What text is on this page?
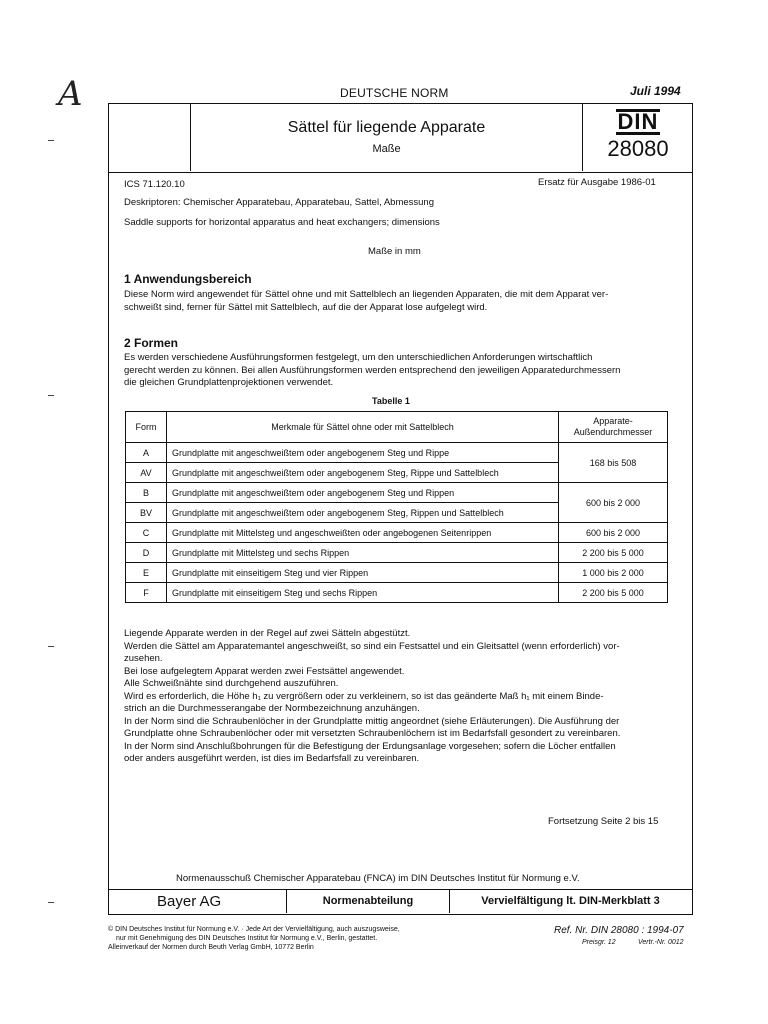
A	DEUTSCHE NORM	Juli 1994
Sättel für liegende Apparate
Maße
DIN
28080
ICS 71.120.10	Ersatz für Ausgabe 1986-01
Deskriptoren: Chemischer Apparatebau, Apparatebau, Sattel, Abmessung
Saddle supports for horizontal apparatus and heat exchangers; dimensions
Maße in mm
1 Anwendungsbereich
Diese Norm wird angewendet für Sättel ohne und mit Sattelblech an liegenden Apparaten, die mit dem Apparat ver-
schweißt sind, ferner für Sättel mit Sattelblech, auf die der Apparat lose aufgelegt wird.
2 Formen
Es werden verschiedene Ausführungsformen festgelegt, um den unterschiedlichen Anforderungen wirtschaftlich
gerecht werden zu können. Bei allen Ausführungsformen werden entsprechend den jeweiligen Apparatedurchmessern
die gleichen Grundplattenprojektionen verwendet.
Tabelle 1
Form	Merkmale für Sättel ohne oder mit Sattelblech	Apparate-
Außendurchmesser

A	Grundplatte mit angeschweißtem oder angebogenem Steg und Rippe	168 bis 508
AV	Grundplatte mit angeschweißtem oder angebogenem Steg, Rippe und Sattelblech	
B	Grundplatte mit angeschweißtem oder angebogenem Steg und Rippen	600 bis 2 000
BV	Grundplatte mit angeschweißtem oder angebogenem Steg, Rippen und Sattelblech	
C	Grundplatte mit Mittelsteg und angeschweißten oder angebogenen Seitenrippen	600 bis 2 000
D	Grundplatte mit Mittelsteg und sechs Rippen	2 200 bis 5 000
E	Grundplatte mit einseitigem Steg und vier Rippen	1 000 bis 2 000
F	Grundplatte mit einseitigem Steg und sechs Rippen	2 200 bis 5 000
Liegende Apparate werden in der Regel auf zwei Sätteln abgestützt.
Werden die Sättel am Apparatemantel angeschweißt, so sind ein Festsattel und ein Gleitsattel (wenn erforderlich) vor-
zusehen.
Bei lose aufgelegtem Apparat werden zwei Festsättel angewendet.
Alle Schweißnähte sind durchgehend auszuführen.
Wird es erforderlich, die Höhe h₁ zu vergrößern oder zu verkleinern, so ist das geänderte Maß h₁ mit einem Binde-
strich an die Durchmesserangabe der Normbezeichnung anzuhängen.
In der Norm sind die Schraubenlöcher in der Grundplatte mittig angeordnet (siehe Erläuterungen). Die Ausführung der
Grundplatte ohne Schraubenlöcher oder mit versetzten Schraubenlöchern ist im Bedarfsfall gesondert zu vereinbaren.
In der Norm sind Anschlußbohrungen für die Befestigung der Erdungsanlage vorgesehen; sofern die Löcher entfallen
oder anders ausgeführt werden, ist dies im Bedarfsfall zu vereinbaren.
Fortsetzung Seite 2 bis 15
Normenausschuß Chemischer Apparatebau (FNCA) im DIN Deutsches Institut für Normung e.V.
Bayer AG	Normenabteilung	Vervielfältigung lt. DIN-Merkblatt 3
© DIN Deutsches Institut für Normung e.V. · Jede Art der Vervielfältigung, auch auszugsweise,
nur mit Genehmigung des DIN Deutsches Institut für Normung e.V., Berlin, gestattet.
Alleinverkauf der Normen durch Beuth Verlag GmbH, 10772 Berlin
Ref. Nr. DIN 28080 : 1994-07
Preisgr. 12	Vertr.-Nr. 0012
